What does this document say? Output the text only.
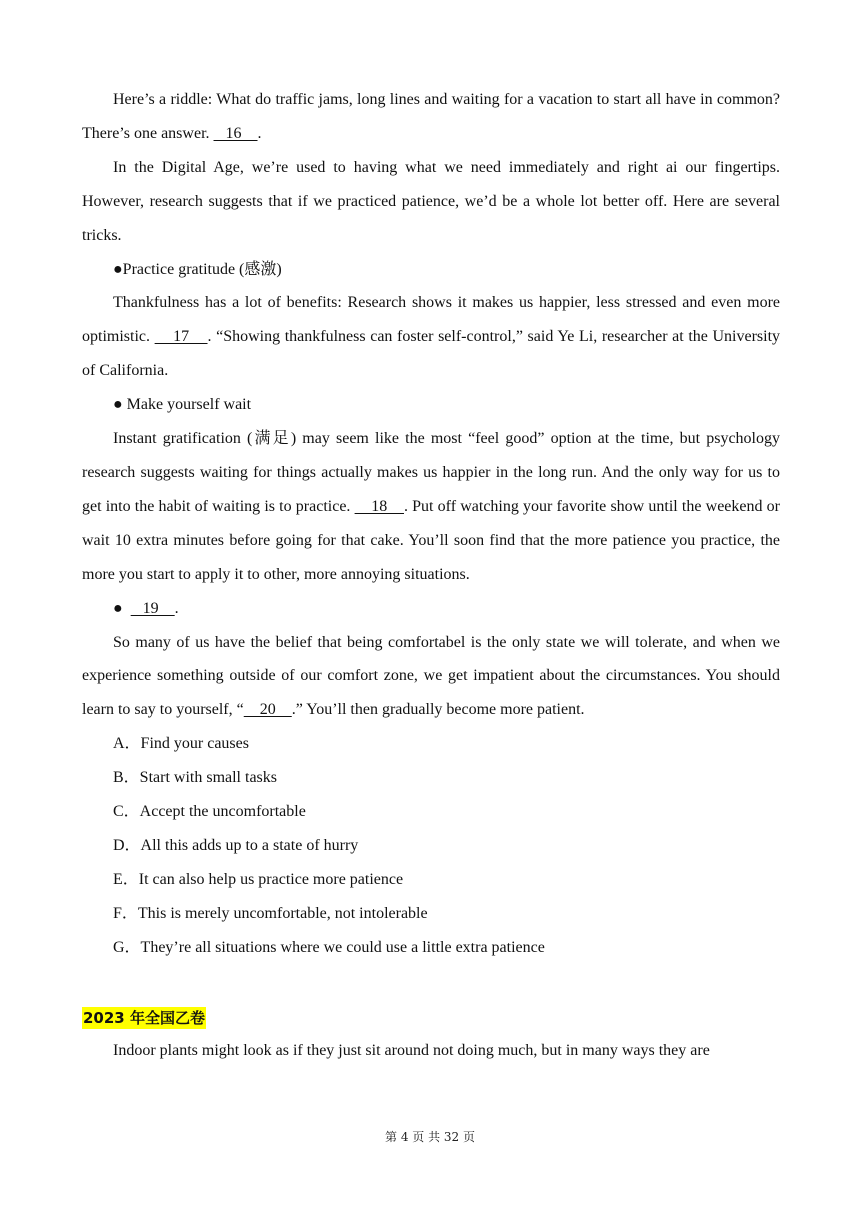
Here’s a riddle: What do traffic jams, long lines and waiting for a vacation to start all have in common? There’s one answer.    16    .

In the Digital Age, we’re used to having what we need immediately and right ai our fingertips. However, research suggests that if we practiced patience, we’d be a whole lot better off. Here are several tricks.

●Practice gratitude (感激)

Thankfulness has a lot of benefits: Research shows it makes us happier, less stressed and even more optimistic.     17    . “Showing thankfulness can foster self-control,” said Ye Li, researcher at the University of California.

● Make yourself wait

Instant gratification (满足) may seem like the most “feel good” option at the time, but psychology research suggests waiting for things actually makes us happier in the long run. And the only way for us to get into the habit of waiting is to practice.     18    . Put off watching your favorite show until the weekend or wait 10 extra minutes before going for that cake. You’ll soon find that the more patience you practice, the more you start to apply it to other, more annoying situations.

●     19    .

So many of us have the belief that being comfortabel is the only state we will tolerate, and when we experience something outside of our comfort zone, we get impatient about the circumstances. You should learn to say to yourself, “    20    .” You’ll then gradually become more patient.

A．Find your causes

B．Start with small tasks

C．Accept the uncomfortable

D．All this adds up to a state of hurry

E．It can also help us practice more patience

F．This is merely uncomfortable, not intolerable

G．They’re all situations where we could use a little extra patience

2023 年全国乙卷

Indoor plants might look as if they just sit around not doing much, but in many ways they are

第 4 页 共 32 页
